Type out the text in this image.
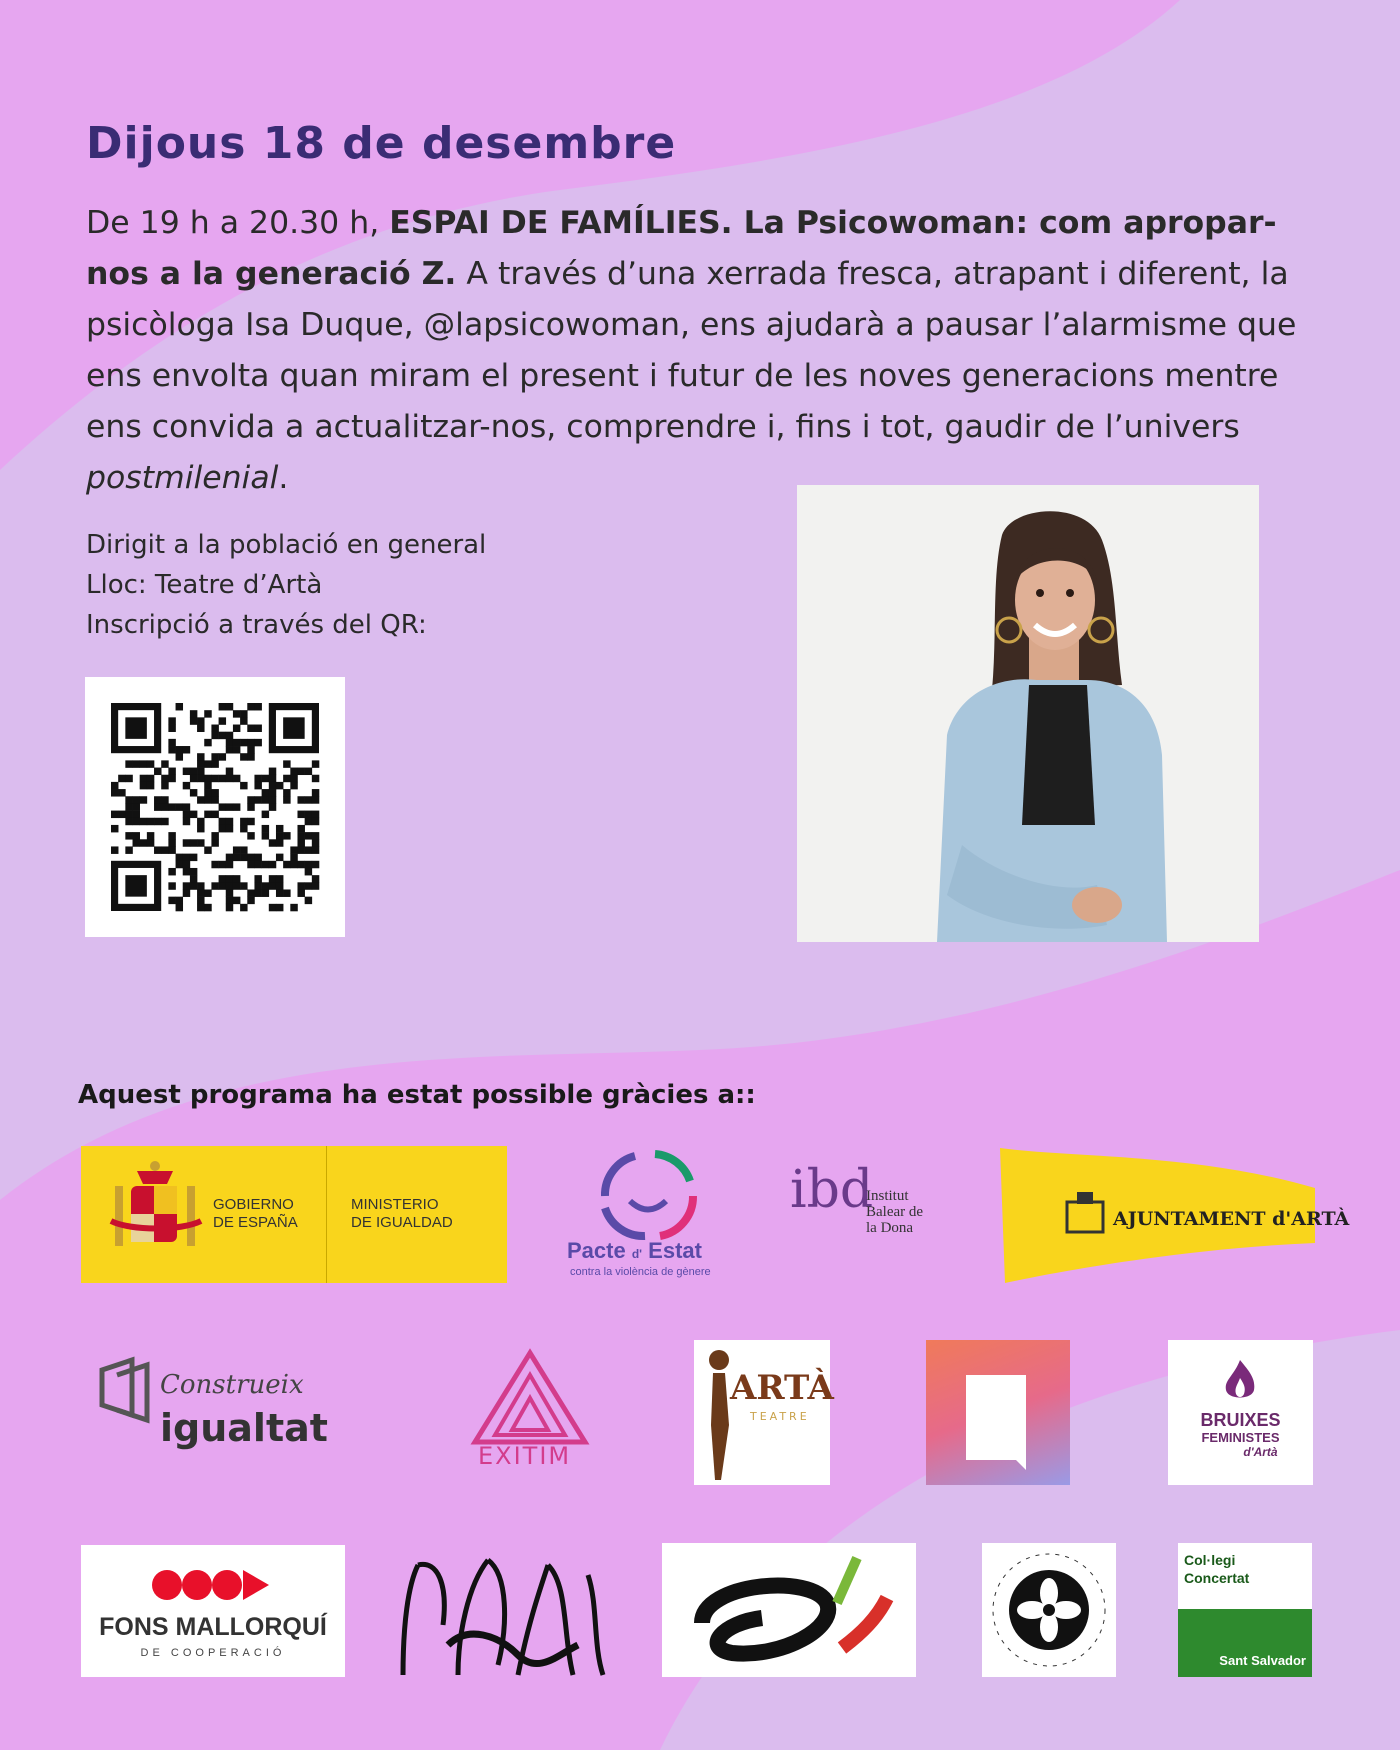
Dijous 18 de desembre
De 19 h a 20.30 h, ESPAI DE FAMÍLIES. La Psicowoman: com apropar-nos a la generació Z. A través d’una xerrada fresca, atrapant i diferent, la psicòloga Isa Duque, @lapsicowoman, ens ajudarà a pausar l’alarmisme que ens envolta quan miram el present i futur de les noves generacions mentre ens convida a actualitzar-nos, comprendre i, fins i tot, gaudir de l’univers postmilenial.
Dirigit a la població en general
Lloc: Teatre d’Artà
Inscripció a través del QR:
Aquest programa ha estat possible gràcies a::
GOBIERNO
DE ESPAÑA
MINISTERIO
DE IGUALDAD
Pacte d' Estat
contra la violència de gènere
ibd
Institut
Balear de
la Dona	AJUNTAMENT d'ARTÀ
Construeix
igualtat
EXITIM
ARTÀ
TEATRE	BRUIXES
FEMINISTES
d'Artà
FONS MALLORQUÍ
DE COOPERACIÓ
Col·legi
Concertat
Sant Salvador
